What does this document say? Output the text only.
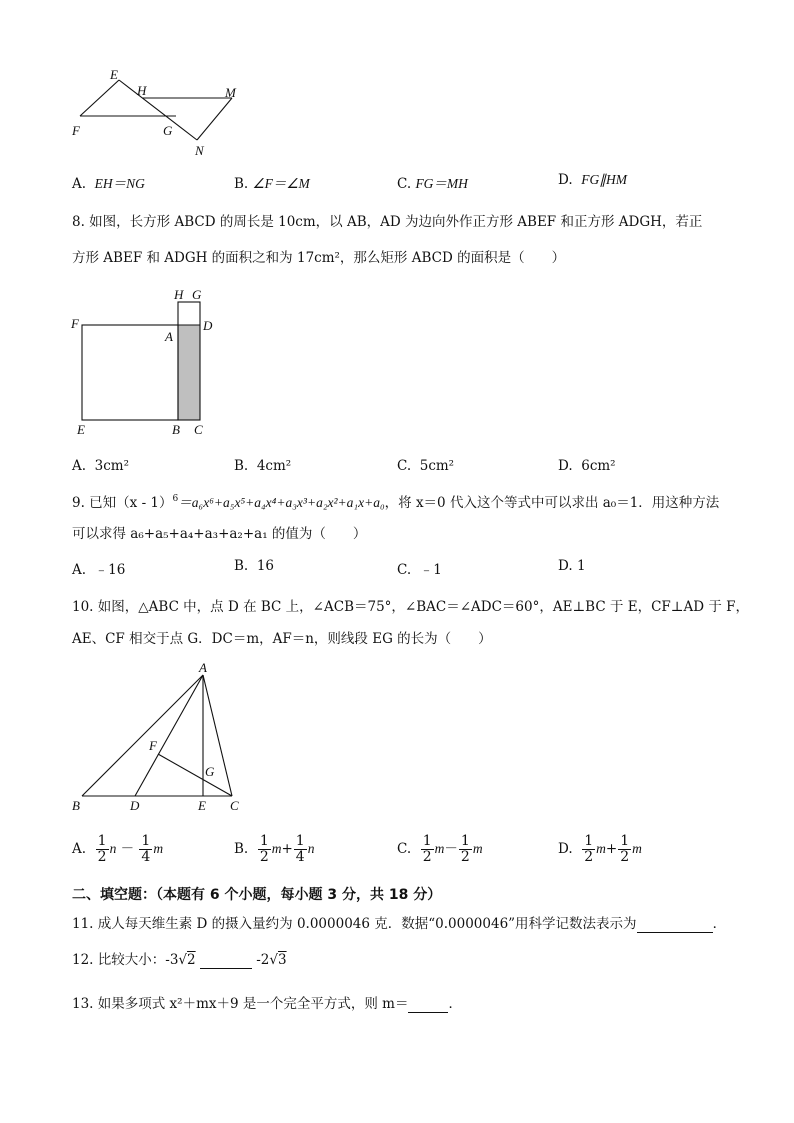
E
H	M
F	G
N
A. EH＝NG	B. ∠F＝∠M	C. FG＝MH	D. FG∥HM
8. 如图，长方形 ABCD 的周长是 10cm，以 AB，AD 为边向外作正方形 ABEF 和正方形 ADGH，若正
方形 ABEF 和 ADGH 的面积之和为 17cm²，那么矩形 ABCD 的面积是（　　）
H G
F
A
D
E	B C
A. 3cm²	B. 4cm²	C. 5cm²	D. 6cm²
9. 已知（x - 1）$^6$＝a₆x⁶+a₅x⁵+a₄x⁴+a₃x³+a₂x²+a₁x+a₀，将 x＝0 代入这个等式中可以求出 a₀＝1．用这种方法
可以求得 a₆+a₅+a₄+a₃+a₂+a₁ 的值为（　　）
A. ﹣16	B. 16	C. ﹣1	D. 1
10. 如图，△ABC 中，点 D 在 BC 上，∠ACB＝75°，∠BAC＝∠ADC＝60°，AE⊥BC 于 E，CF⊥AD 于 F，
AE、CF 相交于点 G．DC＝m，AF＝n，则线段 EG 的长为（　　）
A
F
G
B	D	E C
A. $\frac{1}{2}$ $n - \frac{1}{4}$ m	B. $\frac{1}{2} m+ \frac{1}{4}$ n	C. $\frac{1}{2} m- \frac{1}{2}$ m	D. $\frac{1}{2} m+ \frac{1}{2}$ m
二、填空题：（本题有 6 个小题，每小题 3 分，共 18 分）
11. 成人每天维生素 D 的摄入量约为 0.0000046 克．数据“0.0000046”用科学记数法表示为	．
12. 比较大小：-3√2	-2√3
13. 如果多项式 x²＋mx＋9 是一个完全平方式，则 m＝	．
